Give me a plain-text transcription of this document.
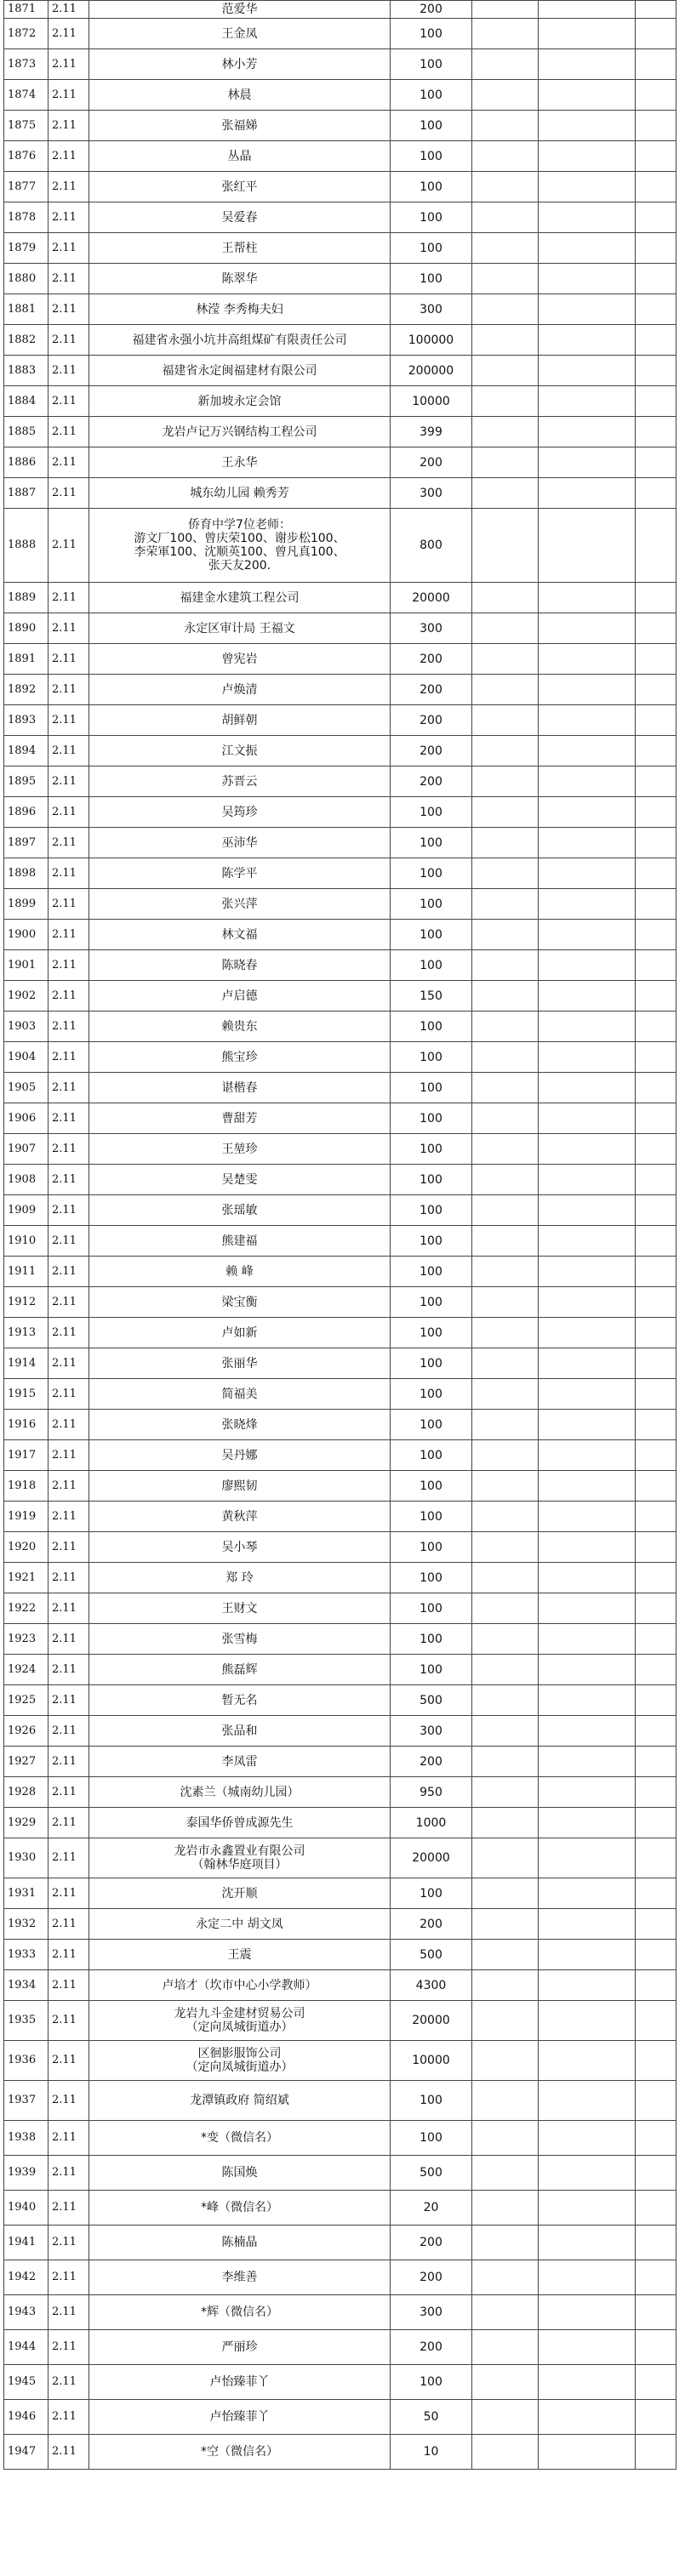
1871	2.11	范爱华	200			
1872	2.11	王金凤	100			
1873	2.11	林小芳	100			
1874	2.11	林晨	100			
1875	2.11	张福娣	100			
1876	2.11	丛晶	100			
1877	2.11	张红平	100			
1878	2.11	吴爱春	100			
1879	2.11	王帮柱	100			
1880	2.11	陈翠华	100			
1881	2.11	林滢 李秀梅夫妇	300			
1882	2.11	福建省永强小坑井高组煤矿有限责任公司	100000			
1883	2.11	福建省永定闽福建材有限公司	200000			
1884	2.11	新加坡永定会馆	10000			
1885	2.11	龙岩卢记万兴钢结构工程公司	399			
1886	2.11	王永华	200			
1887	2.11	城东幼儿园 赖秀芳	300			
1888	2.11	侨育中学7位老师：
游文厂100、曾庆荣100、谢步松100、
李荣軍100、沈顺英100、曾凡真100、
张天友200.	800			
1889	2.11	福建金水建筑工程公司	20000			
1890	2.11	永定区审计局 王福文	300			
1891	2.11	曾宪岩	200			
1892	2.11	卢焕清	200			
1893	2.11	胡鲜朝	200			
1894	2.11	江文振	200			
1895	2.11	苏晋云	200			
1896	2.11	吴筠珍	100			
1897	2.11	巫沛华	100			
1898	2.11	陈学平	100			
1899	2.11	张兴萍	100			
1900	2.11	林文福	100			
1901	2.11	陈晓春	100			
1902	2.11	卢启德	150			
1903	2.11	赖贵东	100			
1904	2.11	熊宝珍	100			
1905	2.11	谌楷春	100			
1906	2.11	曹甜芳	100			
1907	2.11	王堃珍	100			
1908	2.11	吴楚雯	100			
1909	2.11	张瑶敏	100			
1910	2.11	熊建福	100			
1911	2.11	赖 峰	100			
1912	2.11	梁宝衡	100			
1913	2.11	卢如新	100			
1914	2.11	张丽华	100			
1915	2.11	简福美	100			
1916	2.11	张晓烽	100			
1917	2.11	吴丹娜	100			
1918	2.11	廖熙韧	100			
1919	2.11	黄秋萍	100			
1920	2.11	吴小琴	100			
1921	2.11	郑 玲	100			
1922	2.11	王财文	100			
1923	2.11	张雪梅	100			
1924	2.11	熊磊辉	100			
1925	2.11	暂无名	500			
1926	2.11	张品和	300			
1927	2.11	李凤雷	200			
1928	2.11	沈素兰（城南幼儿园）	950			
1929	2.11	泰国华侨曾成源先生	1000			
1930	2.11	龙岩市永鑫置业有限公司
（翰林华庭项目）	20000			
1931	2.11	沈开顺	100			
1932	2.11	永定二中 胡文凤	200			
1933	2.11	王震	500			
1934	2.11	卢培才（坎市中心小学教师）	4300			
1935	2.11	龙岩九斗金建材贸易公司
（定向凤城街道办）	20000			
1936	2.11	区徊影服饰公司
（定向凤城街道办）	10000			
1937	2.11	龙潭镇政府 简绍斌	100			
1938	2.11	*变（微信名）	100			
1939	2.11	陈国焕	500			
1940	2.11	*峰（微信名）	20			
1941	2.11	陈楠晶	200			
1942	2.11	李维善	200			
1943	2.11	*辉（微信名）	300			
1944	2.11	严丽珍	200			
1945	2.11	卢怡臻菲丫	100			
1946	2.11	卢怡臻菲丫	50			
1947	2.11	*空（微信名）	10			
